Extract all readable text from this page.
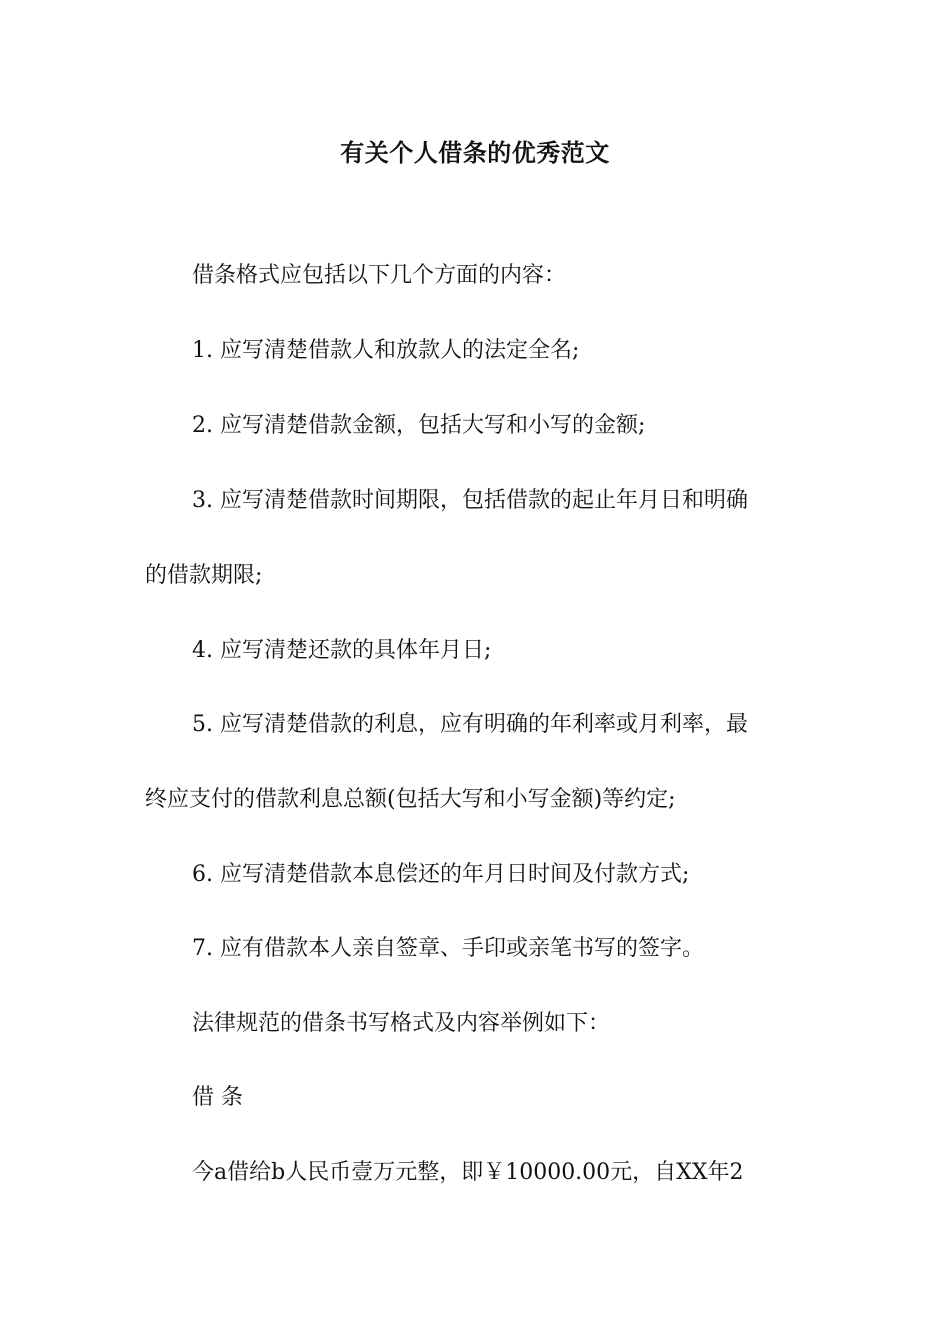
有关个人借条的优秀范文
借条格式应包括以下几个方面的内容：
1. 应写清楚借款人和放款人的法定全名;
2. 应写清楚借款金额，包括大写和小写的金额;
3. 应写清楚借款时间期限，包括借款的起止年月日和明确
的借款期限;
4. 应写清楚还款的具体年月日;
5. 应写清楚借款的利息，应有明确的年利率或月利率，最
终应支付的借款利息总额(包括大写和小写金额)等约定;
6. 应写清楚借款本息偿还的年月日时间及付款方式;
7. 应有借款本人亲自签章、手印或亲笔书写的签字。
法律规范的借条书写格式及内容举例如下：
借 条
今a借给b人民币壹万元整，即￥10000.00元，自XX年2
